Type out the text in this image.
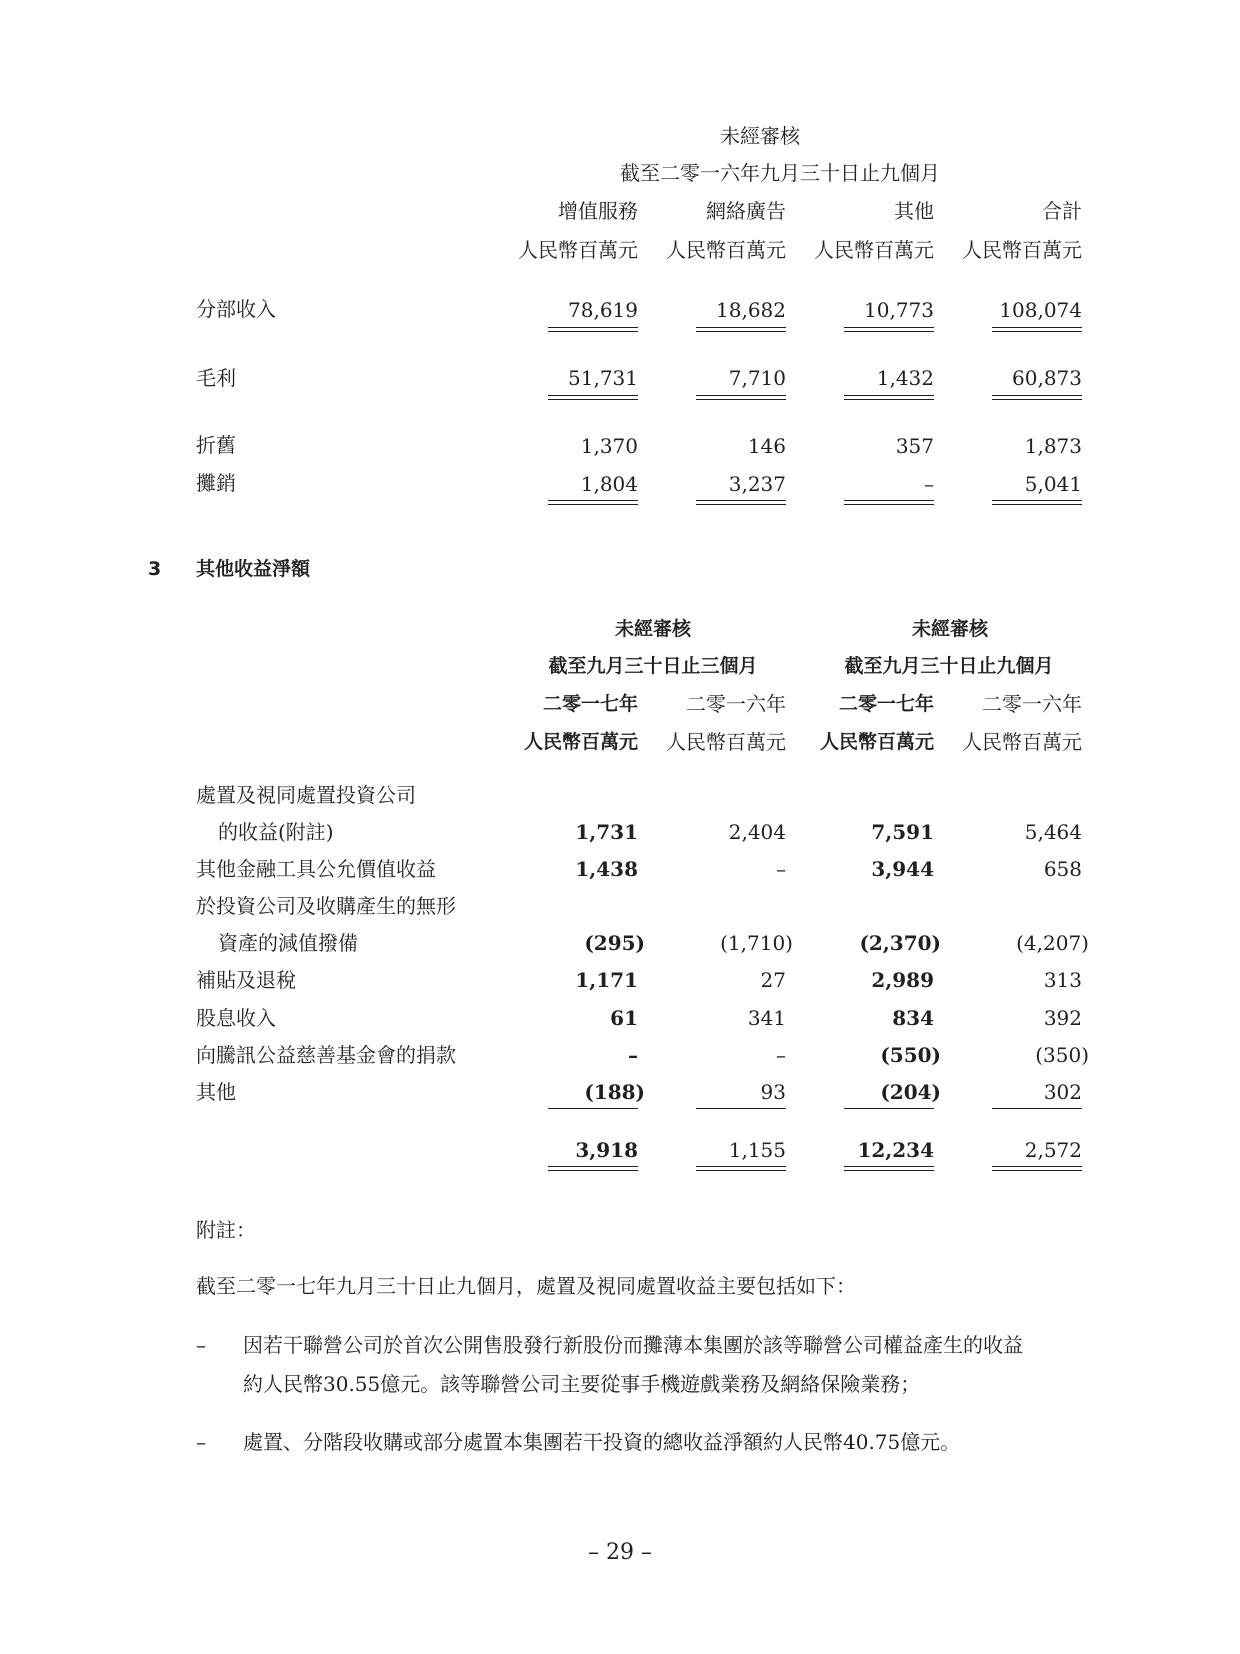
未經審核
截至二零一六年九月三十日止九個月
增值服務	網絡廣告	其他	合計
人民幣百萬元	人民幣百萬元	人民幣百萬元	人民幣百萬元
分部收入	78,619	18,682	10,773	108,074
毛利	51,731	7,710	1,432	60,873
折舊	1,370	146	357	1,873
攤銷	1,804	3,237	–	5,041
3 其他收益淨額
未經審核	未經審核
截至九月三十日止三個月	截至九月三十日止九個月
二零一七年	二零一六年	二零一七年	二零一六年
人民幣百萬元	人民幣百萬元	人民幣百萬元	人民幣百萬元
處置及視同處置投資公司
的收益(附註)	1,731	2,404	7,591	5,464
其他金融工具公允價值收益	1,438	–	3,944	658
於投資公司及收購產生的無形
資產的減值撥備	(295)	(1,710)	(2,370)	(4,207)
補貼及退稅	1,171	27	2,989	313
股息收入	61	341	834	392
向騰訊公益慈善基金會的捐款	–	–	(550)	(350)
其他	(188)	93	(204)	302
3,918	1,155	12,234	2,572
附註：
截至二零一七年九月三十日止九個月，處置及視同處置收益主要包括如下：
– 因若干聯營公司於首次公開售股發行新股份而攤薄本集團於該等聯營公司權益產生的收益
約人民幣30.55億元。該等聯營公司主要從事手機遊戲業務及網絡保險業務；
– 處置、分階段收購或部分處置本集團若干投資的總收益淨額約人民幣40.75億元。
– 29 –
